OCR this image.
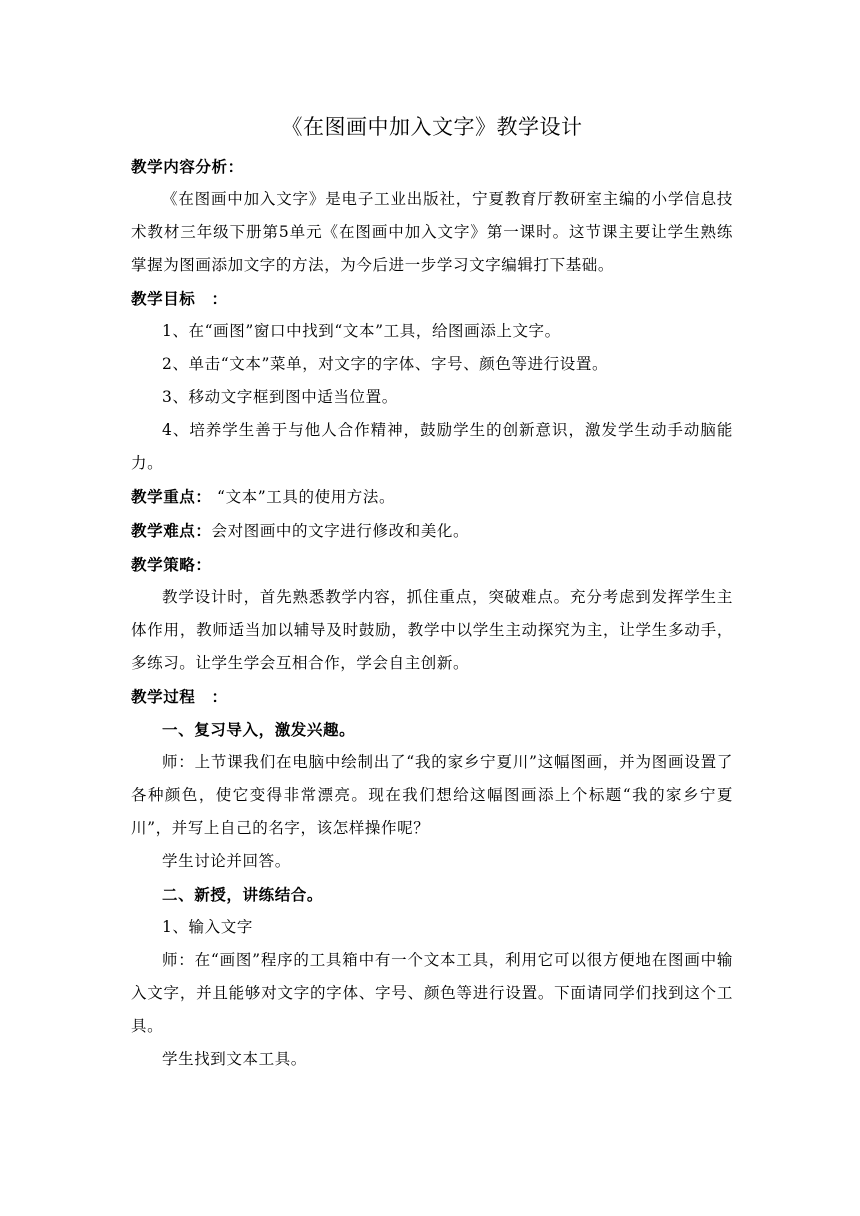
《在图画中加入文字》教学设计

教学内容分析：

《在图画中加入文字》是电子工业出版社，宁夏教育厅教研室主编的小学信息技术教材三年级下册第5单元《在图画中加入文字》第一课时。这节课主要让学生熟练掌握为图画添加文字的方法，为今后进一步学习文字编辑打下基础。

教学目标　：

1、在“画图”窗口中找到“文本”工具，给图画添上文字。

2、单击“文本”菜单，对文字的字体、字号、颜色等进行设置。

3、移动文字框到图中适当位置。

4、培养学生善于与他人合作精神，鼓励学生的创新意识，激发学生动手动脑能力。

教学重点： “文本”工具的使用方法。

教学难点：会对图画中的文字进行修改和美化。

教学策略：

教学设计时，首先熟悉教学内容，抓住重点，突破难点。充分考虑到发挥学生主体作用，教师适当加以辅导及时鼓励，教学中以学生主动探究为主，让学生多动手，多练习。让学生学会互相合作，学会自主创新。

教学过程　：

一、复习导入，激发兴趣。

师：上节课我们在电脑中绘制出了“我的家乡宁夏川”这幅图画，并为图画设置了各种颜色，使它变得非常漂亮。现在我们想给这幅图画添上个标题“我的家乡宁夏川”，并写上自己的名字，该怎样操作呢？

学生讨论并回答。

二、新授，讲练结合。

1、输入文字

师：在“画图”程序的工具箱中有一个文本工具，利用它可以很方便地在图画中输入文字，并且能够对文字的字体、字号、颜色等进行设置。下面请同学们找到这个工具。

学生找到文本工具。
